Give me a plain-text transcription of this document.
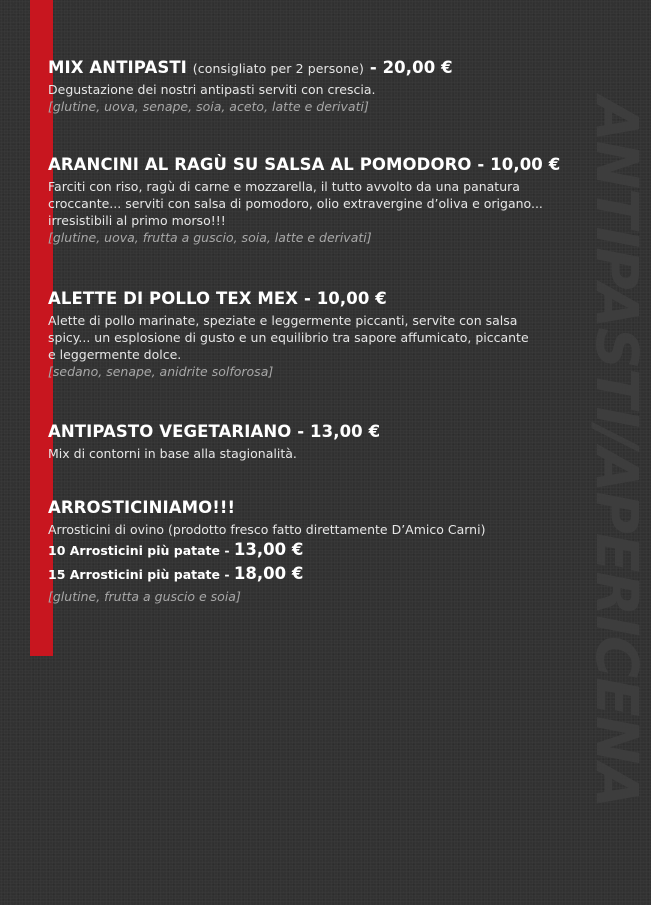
ANTIPASTI/APERICENA
MIX ANTIPASTI (consigliato per 2 persone) - 20,00 €

Degustazione dei nostri antipasti serviti con crescia.

[glutine, uova, senape, soia, aceto, latte e derivati]

ARANCINI AL RAGÙ SU SALSA AL POMODORO - 10,00 €

Farciti con riso, ragù di carne e mozzarella, il tutto avvolto da una panatura
croccante... serviti con salsa di pomodoro, olio extravergine d’oliva e origano...
irresistibili al primo morso!!!

[glutine, uova, frutta a guscio, soia, latte e derivati]

ALETTE DI POLLO TEX MEX - 10,00 €

Alette di pollo marinate, speziate e leggermente piccanti, servite con salsa
spicy... un esplosione di gusto e un equilibrio tra sapore affumicato, piccante
e leggermente dolce.

[sedano, senape, anidrite solforosa]

ANTIPASTO VEGETARIANO - 13,00 €

Mix di contorni in base alla stagionalità.

ARROSTICINIAMO!!!

Arrosticini di ovino (prodotto fresco fatto direttamente D’Amico Carni)

10 Arrosticini più patate - 13,00 €

15 Arrosticini più patate - 18,00 €

[glutine, frutta a guscio e soia]
